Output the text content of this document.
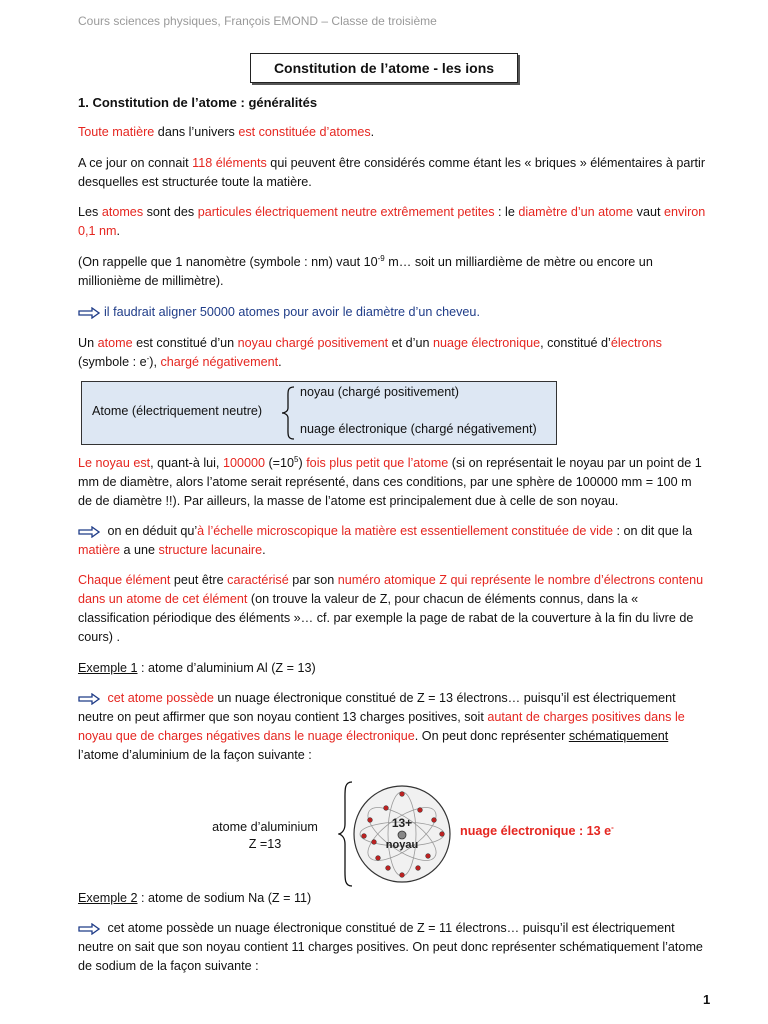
Cours sciences physiques, François EMOND – Classe de troisième
Constitution de l’atome - les ions
1. Constitution de l’atome : généralités
Toute matière dans l’univers est constituée d’atomes.
A ce jour on connait 118 éléments qui peuvent être considérés comme étant les « briques » élémentaires à partir desquelles est structurée toute la matière.
Les atomes sont des particules électriquement neutre extrêmement petites : le diamètre d’un atome vaut environ 0,1 nm.
(On rappelle que 1 nanomètre (symbole : nm) vaut $10^{-9}$ m… soit un milliardième de mètre ou encore un millionième de millimètre).
il faudrait aligner 50000 atomes pour avoir le diamètre d’un cheveu.
Un atome est constitué d’un noyau chargé positivement et d’un nuage électronique, constitué d’électrons (symbole : e-), chargé négativement.
Atome (électriquement neutre)
noyau (chargé positivement)
nuage électronique (chargé négativement)
Le noyau est, quant-à lui, 100000 $(=10^5)$ fois plus petit que l’atome (si on représentait le noyau par un point de 1 mm de diamètre, alors l’atome serait représenté, dans ces conditions, par une sphère de 100000 mm = 100 m de de diamètre !!). Par ailleurs, la masse de l’atome est principalement due à celle de son noyau.
on en déduit qu’à l’échelle microscopique la matière est essentiellement constituée de vide : on dit que la matière a une structure lacunaire.
Chaque élément peut être caractérisé par son numéro atomique Z qui représente le nombre d’électrons contenu dans un atome de cet élément (on trouve la valeur de Z, pour chacun de éléments connus, dans la « classification périodique des éléments »… cf. par exemple la page de rabat de la couverture à la fin du livre de cours) .
Exemple 1 : atome d’aluminium Al (Z = 13)
cet atome possède un nuage électronique constitué de Z = 13 électrons… puisqu’il est électriquement neutre on peut affirmer que son noyau contient 13 charges positives, soit autant de charges positives dans le noyau que de charges négatives dans le nuage électronique. On peut donc représenter schématiquement l’atome d’aluminium de la façon suivante :
atome d’aluminium
Z =13
13+
noyau
nuage électronique : 13 e-
Exemple 2 : atome de sodium Na (Z = 11)
cet atome possède un nuage électronique constitué de Z = 11 électrons… puisqu’il est électriquement neutre on sait que son noyau contient 11 charges positives. On peut donc représenter schématiquement l’atome de sodium de la façon suivante :
1
